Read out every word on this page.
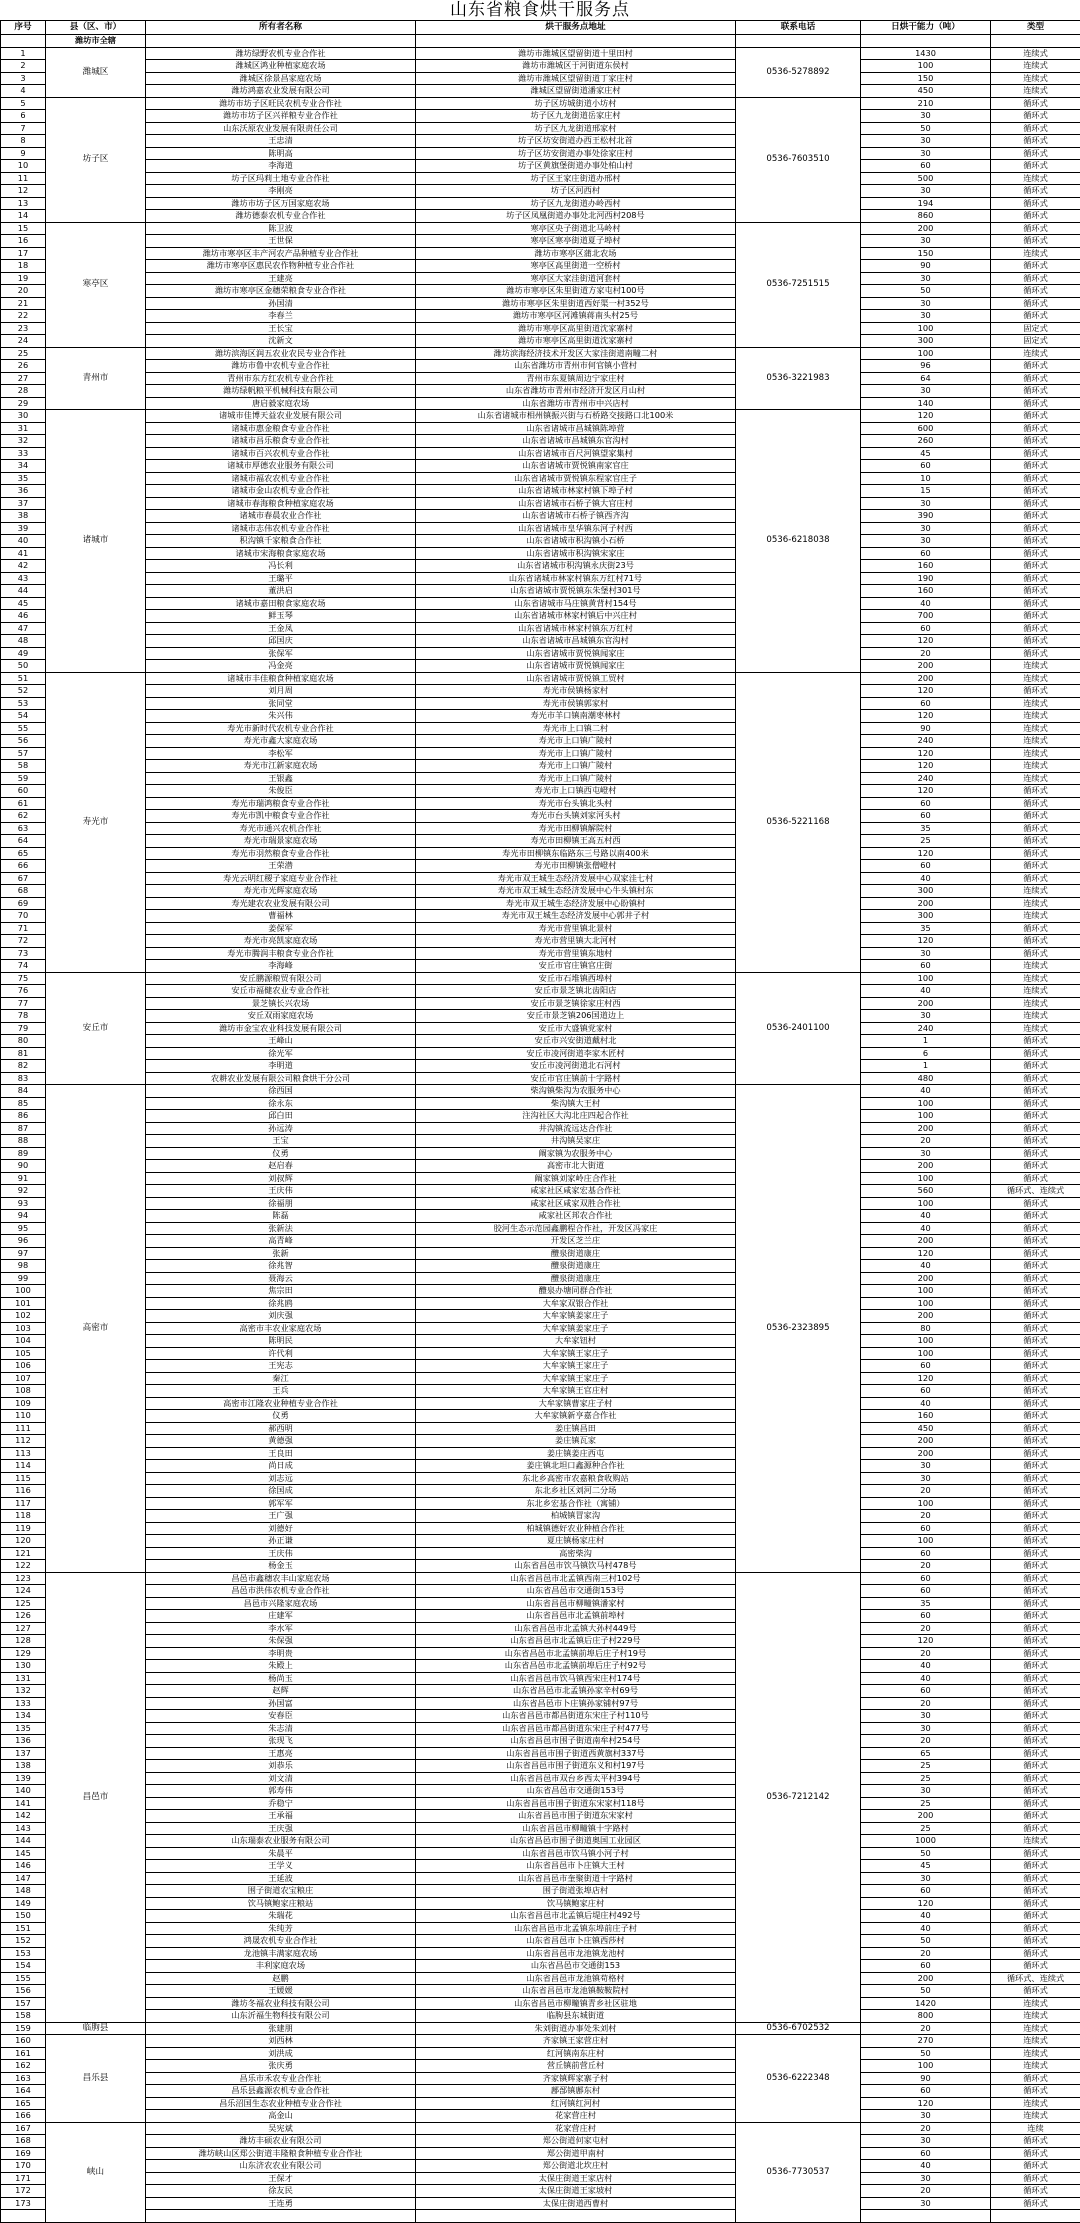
山东省粮食烘干服务点
序号	县（区、市）	所有者名称	烘干服务点地址	联系电话	日烘干能力（吨）	类型
	潍坊市全辖					
1	潍城区	潍坊绿野农机专业合作社	潍坊市潍城区望留街道十里田村	0536-5278892	1430	连续式
2		潍城区鸿业种植家庭农场	潍坊市潍城区于河街道东侯村		100	连续式
3		潍城区徐景昌家庭农场	潍坊市潍城区望留街道丁家庄村		150	连续式
4		潍坊鸿嘉农业发展有限公司	潍城区望留街道潘家庄村		450	连续式
5	坊子区	潍坊市坊子区旺民农机专业合作社	坊子区坊城街道小坊村	0536-7603510	210	循环式
6		潍坊市坊子区兴祥粮专业合作社	坊子区九龙街道岳家庄村		30	循环式
7		山东沃原农业发展有限责任公司	坊子区九龙街道邢家村		50	循环式
8		王忠清	坊子区坊安街道办西王松村北首		30	循环式
9		陈明高	坊子区坊安街道办事处徐家庄村		30	循环式
10		李海道	坊子区黄旗堡街道办事处柏山村		60	循环式
11		坊子区玛莉土地专业合作社	坊子区王家庄街道办邢村		500	连续式
12		李刚亮	坊子区河西村		30	循环式
13		潍坊市坊子区万国家庭农场	坊子区九龙街道办岭西村		194	循环式
14		潍坊德泰农机专业合作社	坊子区凤凰街道办事处北河西村208号		860	循环式
15	寒亭区	陈卫波	寒亭区央子街道北马岭村	0536-7251515	200	循环式
16		王世保	寒亭区寒亭街道夏子埠村		30	循环式
17		潍坊市寒亭区丰产河农产品种植专业合作社	潍坊市寒亭区蒲北农场		150	连续式
18		潍坊市寒亭区惠民农作物种植专业合作社	寒亭区高里街道一空桥村		90	循环式
19		王建亮	寒亭区大家洼街道河套村		30	循环式
20		潍坊市寒亭区金穗荣粮食专业合作社	潍坊市寒亭区朱里街道方家屯村100号		50	循环式
21		孙国清	潍坊市寒亭区朱里街道西好渠一村352号		30	循环式
22		李春兰	潍坊市寒亭区河滩镇蒋南头村25号		30	循环式
23		王长宝	潍坊市寒亭区高里街道沈家寨村		100	固定式
24		沈新文	潍坊市寒亭区高里街道沈家寨村		300	固定式
25	青州市	潍坊滨海区润五农业农民专业合作社	潍坊滨海经济技术开发区大家洼街道南疃二村	0536-3221983	100	连续式
26		潍坊市鲁中农机专业合作社	山东省潍坊市青州市何官镇小营村		96	循环式
27		青州市东方红农机专业合作社	青州市东夏镇周边宁家庄村		64	循环式
28		潍坊绿帆粮平机械科技有限公司	山东省潍坊市青州市经济开发区月山村		30	循环式
29		唐启毅家庭农场	山东省潍坊市青州市中兴店村		140	循环式
30	诸城市	诸城市佳博天益农业发展有限公司	山东省诸城市相州镇振兴街与石桥路交接路口北100米	0536-6218038	120	循环式
31		诸城市惠金粮食专业合作社	山东省诸城市昌城镇陈埠营		600	循环式
32		诸城市昌乐粮食专业合作社	山东省诸城市昌城镇东官沟村		260	循环式
33		诸城市百兴农机专业合作社	山东省诸城市百尺河镇望家集村		45	循环式
34		诸城市厚德农业服务有限公司	山东省诸城市贾悦镇南家官庄		60	循环式
35		诸城市福农农机专业合作社	山东省诸城市贾悦镇东程家官庄子		10	循环式
36		诸城市金山农机专业合作社	山东省诸城市林家村镇下埠子村		15	循环式
37		诸城市春海粮食种植家庭农场	山东省诸城市石桥子镇大官庄村		30	循环式
38		诸城市春晨农业合作社	山东省诸城市石桥子镇西齐沟		390	循环式
39		诸城市志伟农机专业合作社	山东省诸城市皇华镇东河子村西		30	循环式
40		积沟镇千家粮食合作社	山东省诸城市积沟镇小石桥		30	循环式
41		诸城市宋海粮食家庭农场	山东省诸城市积沟镇宋家庄		60	循环式
42		冯长利	山东省诸城市积沟镇永庆街23号		160	循环式
43		王璐平	山东省诸城市林家村镇东万红村71号		190	循环式
44		董洪启	山东省诸城市贾悦镇东朱堡村301号		160	循环式
45		诸城市嘉田粮食家庭农场	山东省诸城市马庄镇黄背村154号		40	循环式
46		鲜玉琴	山东省诸城市林家村镇后中兴庄村		700	循环式
47		王金凤	山东省诸城市林家村镇东万红村		60	循环式
48		邱国庆	山东省诸城市昌城镇东官沟村		120	循环式
49		张保军	山东省诸城市贾悦镇闻家庄		20	循环式
50		冯金亮	山东省诸城市贾悦镇闻家庄		200	连续式
51	寿光市	诸城市丰佳粮食种植家庭农场	山东省诸城市贾悦镇工贸村	0536-5221168	200	连续式
52		刘月周	寿光市侯镇杨家村		120	循环式
53		张同堂	寿光市侯镇郭家村		60	连续式
54		朱兴伟	寿光市羊口镇南潮枣林村		120	连续式
55		寿光市新时代农机专业合作社	寿光市上口镇二村		90	连续式
56		寿光市鑫大家庭农场	寿光市上口镇广陵村		240	连续式
57		李松军	寿光市上口镇广陵村		120	连续式
58		寿光市江新家庭农场	寿光市上口镇广陵村		120	连续式
59		王银鑫	寿光市上口镇广陵村		240	连续式
60		朱俊臣	寿光市上口镇西屯嶝村		120	循环式
61		寿光市瑞鸿粮食专业合作社	寿光市台头镇北头村		60	循环式
62		寿光市凯中粮食专业合作社	寿光市台头镇刘家河头村		60	循环式
63		寿光市通兴农机合作社	寿光市田柳镇解院村		35	循环式
64		寿光市瑞景家庭农场	寿光市田柳镇王高五村西		25	循环式
65		寿光市羽然粮食专业合作社	寿光市田柳镇东临路东三号路以南400米		120	循环式
66		王荣潜	寿光市田柳镇张僧嶝村		60	循环式
67		寿光云明红稷子家庭专业合作社	寿光市双王城生态经济发展中心双家洼七村		40	循环式
68		寿光市光辉家庭农场	寿光市双王城生态经济发展中心牛头镇村东		300	连续式
69		寿光建农农业发展有限公司	寿光市双王城生态经济发展中心盼镇村		200	连续式
70		曹福林	寿光市双王城生态经济发展中心郭井子村		300	连续式
71		姜保军	寿光市营里镇北景村		35	循环式
72		寿光市亮凯家庭农场	寿光市营里镇大北河村		120	循环式
73		寿光市腾润丰粮食专业合作社	寿光市营里镇东地村		30	循环式
74		李海峰	安丘市官庄镇官庄街		60	连续式
75	安丘市	安丘鹏源粮贸有限公司	安丘市石堆镇西埠村	0536-2401100	100	连续式
76		安丘市福健农业专业合作社	安丘市景芝镇北齿阳店		40	连续式
77		景芝镇长兴农场	安丘市景芝镇徐家庄村西		200	连续式
78		安丘双雨家庭农场	安丘市景芝镇206国道边上		30	连续式
79		潍坊市金宝农业科技发展有限公司	安丘市大盛镇党家村		240	连续式
80		王峰山	安丘市兴安街道戴村北		1	循环式
81		徐光军	安丘市凌河街道李家木匠村		6	循环式
82		李明道	安丘市凌河街道北石河村		1	循环式
83		农耕农业发展有限公司粮食烘干分公司	安丘市官庄镇前十字路村		480	循环式
84	高密市	徐西国	柴沟镇柴沟为农服务中心	0536-2323895	40	循环式
85		徐永东	柴沟镇大王村		100	循环式
86		邱白田	注沟社区大沟北庄四起合作社		100	循环式
87		孙远涛	井沟镇流远达合作社		200	循环式
88		王宝	井沟镇吴家庄		20	循环式
89		仪勇	阚家镇为农服务中心		30	循环式
90		赵启春	高密市北大街道		200	循环式
91		刘叔辉	阚家镇刘家岭庄合作社		100	循环式
92		王庆伟	咸家社区咸家宏基合作社		560	循环式、连续式
93		徐福朋	咸家社区咸家双胜合作社		100	循环式
94		陈磊	咸家社区邦农合作社		40	循环式
95		张新法	胶河生态示范园鑫鹏程合作社，开发区冯家庄		40	循环式
96		高青峰	开发区芝兰庄		200	循环式
97		张新	醴泉街道康庄		120	循环式
98		徐兆智	醴泉街道康庄		40	循环式
99		聂海云	醴泉街道康庄		200	循环式
100		焦宗田	醴泉办塘同群合作社		100	循环式
101		徐兆鸥	大牟家双银合作社		100	循环式
102		刘庆强	大牟家镇姜家庄子		200	循环式
103		高密市丰农业家庭农场	大牟家镇姜家庄子		80	循环式
104		陈明民	大牟家钮村		100	循环式
105		许代利	大牟家镇王家庄子		100	循环式
106		王宪志	大牟家镇王家庄子		60	循环式
107		秦江	大牟家镇王家庄子		120	循环式
108		王兵	大牟家镇王官庄村		60	循环式
109		高密市江隆农业种植专业合作社	大牟家镇曹家庄子村		40	循环式
110		仪勇	大牟家镇新亨嘉合作社		160	循环式
111		郝西明	姜庄镇昌田		450	循环式
112		黄德强	姜庄镇瓦家		200	循环式
113		王良田	姜庄镇姜庄西屯		200	循环式
114		尚日成	姜庄镇北坦口鑫源种合作社		30	循环式
115		刘志远	东北乡高密市农嘉粮食收购站		30	循环式
116		徐国成	东北乡社区刘河二分场		20	循环式
117		郭军军	东北乡宏基合作社（寓铺）		100	循环式
118		王广强	柏城镇冒家沟		20	循环式
119		刘德好	柏城镇德好农业种植合作社		60	循环式
120		孙正谦	夏庄镇杨家庄村		100	循环式
121		王庆伟	高密柴沟		60	循环式
122		杨金玉	山东省昌邑市饮马镇饮马村478号		20	循环式
123	昌邑市	昌邑市鑫穗农丰山家庭农场	山东省昌邑市北孟镇西南三村102号	0536-7212142	60	循环式
124		昌邑市洪伟农机专业合作社	山东省昌邑市交通街153号		60	循环式
125		昌邑市兴隆家庭农场	山东省昌邑市柳疃镇潘家村		35	循环式
126		庄建军	山东省昌邑市北孟镇前埠村		60	循环式
127		李水军	山东省昌邑市北孟镇大孙村449号		20	循环式
128		朱保强	山东省昌邑市北孟镇后庄子村229号		120	循环式
129		李明贵	山东省昌邑市北孟镇前埠后庄子村19号		20	循环式
130		朱殿上	山东省昌邑市北孟镇前埠后庄子村92号		40	循环式
131		杨尚玉	山东省昌邑市饮马镇西宋庄村174号		40	循环式
132		赵辉	山东省昌邑市北孟镇孙家辛村69号		60	循环式
133		孙国富	山东省昌邑市卜庄镇孙家铺村97号		20	循环式
134		安春臣	山东省昌邑市都昌街道东宋庄子村110号		30	循环式
135		朱志清	山东省昌邑市都昌街道东宋庄子村477号		30	循环式
136		张现飞	山东省昌邑市围子街道南牟村254号		20	循环式
137		王惠亮	山东省昌邑市围子街道西黄旗村337号		65	循环式
138		刘恭乐	山东省昌邑市围子街道东义和村197号		25	循环式
139		刘文清	山东省昌邑市双台乡西太平村394号		25	循环式
140		郭寿伟	山东省昌邑市交通街153号		30	循环式
141		乔稳宁	山东省昌邑市围子街道东宋家村118号		25	循环式
142		王承福	山东省昌邑市围子街道东宋家村		200	循环式
143		王庆强	山东省昌邑市柳疃镇十字路村		25	循环式
144		山东瑞泰农业服务有限公司	山东省昌邑市围子街道奥国工业园区		1000	连续式
145		朱晨平	山东省昌邑市饮马镇小河子村		50	循环式
146		王学义	山东省昌邑市卜庄镇大王村		45	循环式
147		王延波	山东省昌邑市奎聚街道十字路村		30	循环式
148		围子街道农宝粮庄	围子街道张埠店村		60	循环式
149		饮马镇鲍家庄粮站	饮马镇鲍家庄村		120	循环式
150		朱瑞花	山东省昌邑市北孟镇后堤庄村492号		40	循环式
151		朱纯芳	山东省昌邑市北孟镇东埠前庄子村		40	循环式
152		鸿晟农机专业合作社	山东省昌邑市卜庄镇西莎村		50	循环式
153		龙池镇丰满家庭农场	山东省昌邑市龙池镇龙池村		20	循环式
154		丰利家庭农场	山东省昌邑市交通街153		60	循环式
155		赵鹏	山东省昌邑市龙池镇苟格村		200	循环式、连续式
156		王媛媛	山东省昌邑市龙池镇鞍鞍院村		50	循环式
157		潍坊冬福农业科技有限公司	山东省昌邑市柳疃镇青乡社区驻地		1420	连续式
158		山东沂福生物科技有限公司	临朐县东城街道		800	连续式
159	临朐县	张建朋	朱刘街道办事处朱刘村	0536-6702532	20	连续式
160	昌乐县	刘西林	齐家镇王家营庄村	0536-6222348	270	连续式
161		刘洪成	红河镇南东庄村		50	连续式
162		张庆勇	营丘镇前营丘村		100	连续式
163		昌乐市禾农专业合作社	齐家镇辉家寨子村		90	循环式
164		昌乐县鑫源农机专业合作社	鄌郚镇鄌东村		60	循环式
165		昌乐沼国生态农业种植专业合作社	红河镇红河村		120	连续式
166		高金山	花家营庄村		30	连续式
167	峡山	吴宪斌	花家营庄村	0536-7730537	20	连续
168		潍坊丰硕农业有限公司	郑公街道何家屯村		30	循环式
169		潍坊峡山区郑公街道丰隆粮食种植专业合作社	郑公街道甲南村		60	循环式
170		山东济农农业有限公司	郑公街道北坎庄村		40	循环式
171		王保才	太保庄街道王家店村		30	循环式
172		徐友民	太保庄街道王家坡村		20	循环式
173		王连勇	太保庄街道西曹村		30	循环式
